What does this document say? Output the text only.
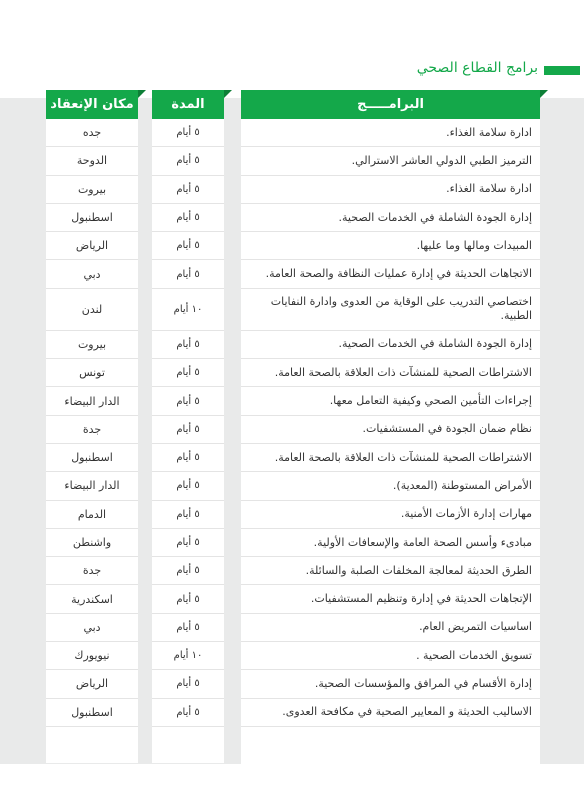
برامج القطاع الصحي
مكان الإنعقاد
جده
الدوحة
بيروت
اسطنبول
الرياض
دبي
لندن
بيروت
تونس
الدار البيضاء
جدة
اسطنبول
الدار البيضاء
الدمام
واشنطن
جدة
اسكندرية
دبي
نيويورك
الرياض
اسطنبول
المدة
٥ أيام
٥ أيام
٥ أيام
٥ أيام
٥ أيام
٥ أيام
١٠ أيام
٥ أيام
٥ أيام
٥ أيام
٥ أيام
٥ أيام
٥ أيام
٥ أيام
٥ أيام
٥ أيام
٥ أيام
٥ أيام
١٠ أيام
٥ أيام
٥ أيام
البرامـــــج
ادارة سلامة الغذاء.
الترميز الطبي الدولي العاشر الاسترالي.
ادارة سلامة الغذاء.
إدارة الجودة الشاملة في الخدمات الصحية.
المبيدات ومالها وما عليها.
الاتجاهات الحديثة في إدارة عمليات النظافة والصحة العامة.
اختصاصي التدريب على الوقاية من العدوى وادارة النفايات الطبية.
إدارة الجودة الشاملة في الخدمات الصحية.
الاشتراطات الصحية للمنشآت ذات العلاقة بالصحة العامة.
إجراءات التأمين الصحي وكيفية التعامل معها.
نظام ضمان الجودة في المستشفيات.
الاشتراطات الصحية للمنشآت ذات العلاقة بالصحة العامة.
الأمراض المستوطنة (المعدية).
مهارات إدارة الأزمات الأمنية.
مبادىء وأسس الصحة العامة والإسعافات الأولية.
الطرق الحديثة لمعالجة المخلفات الصلبة والسائلة.
الإتجاهات الحديثة في إدارة وتنظيم المستشفيات.
اساسيات التمريض العام.
تسويق الخدمات الصحية .
إدارة الأقسام في المرافق والمؤسسات الصحية.
الاساليب الحديثة و المعايير الصحية في مكافحة العدوى.
